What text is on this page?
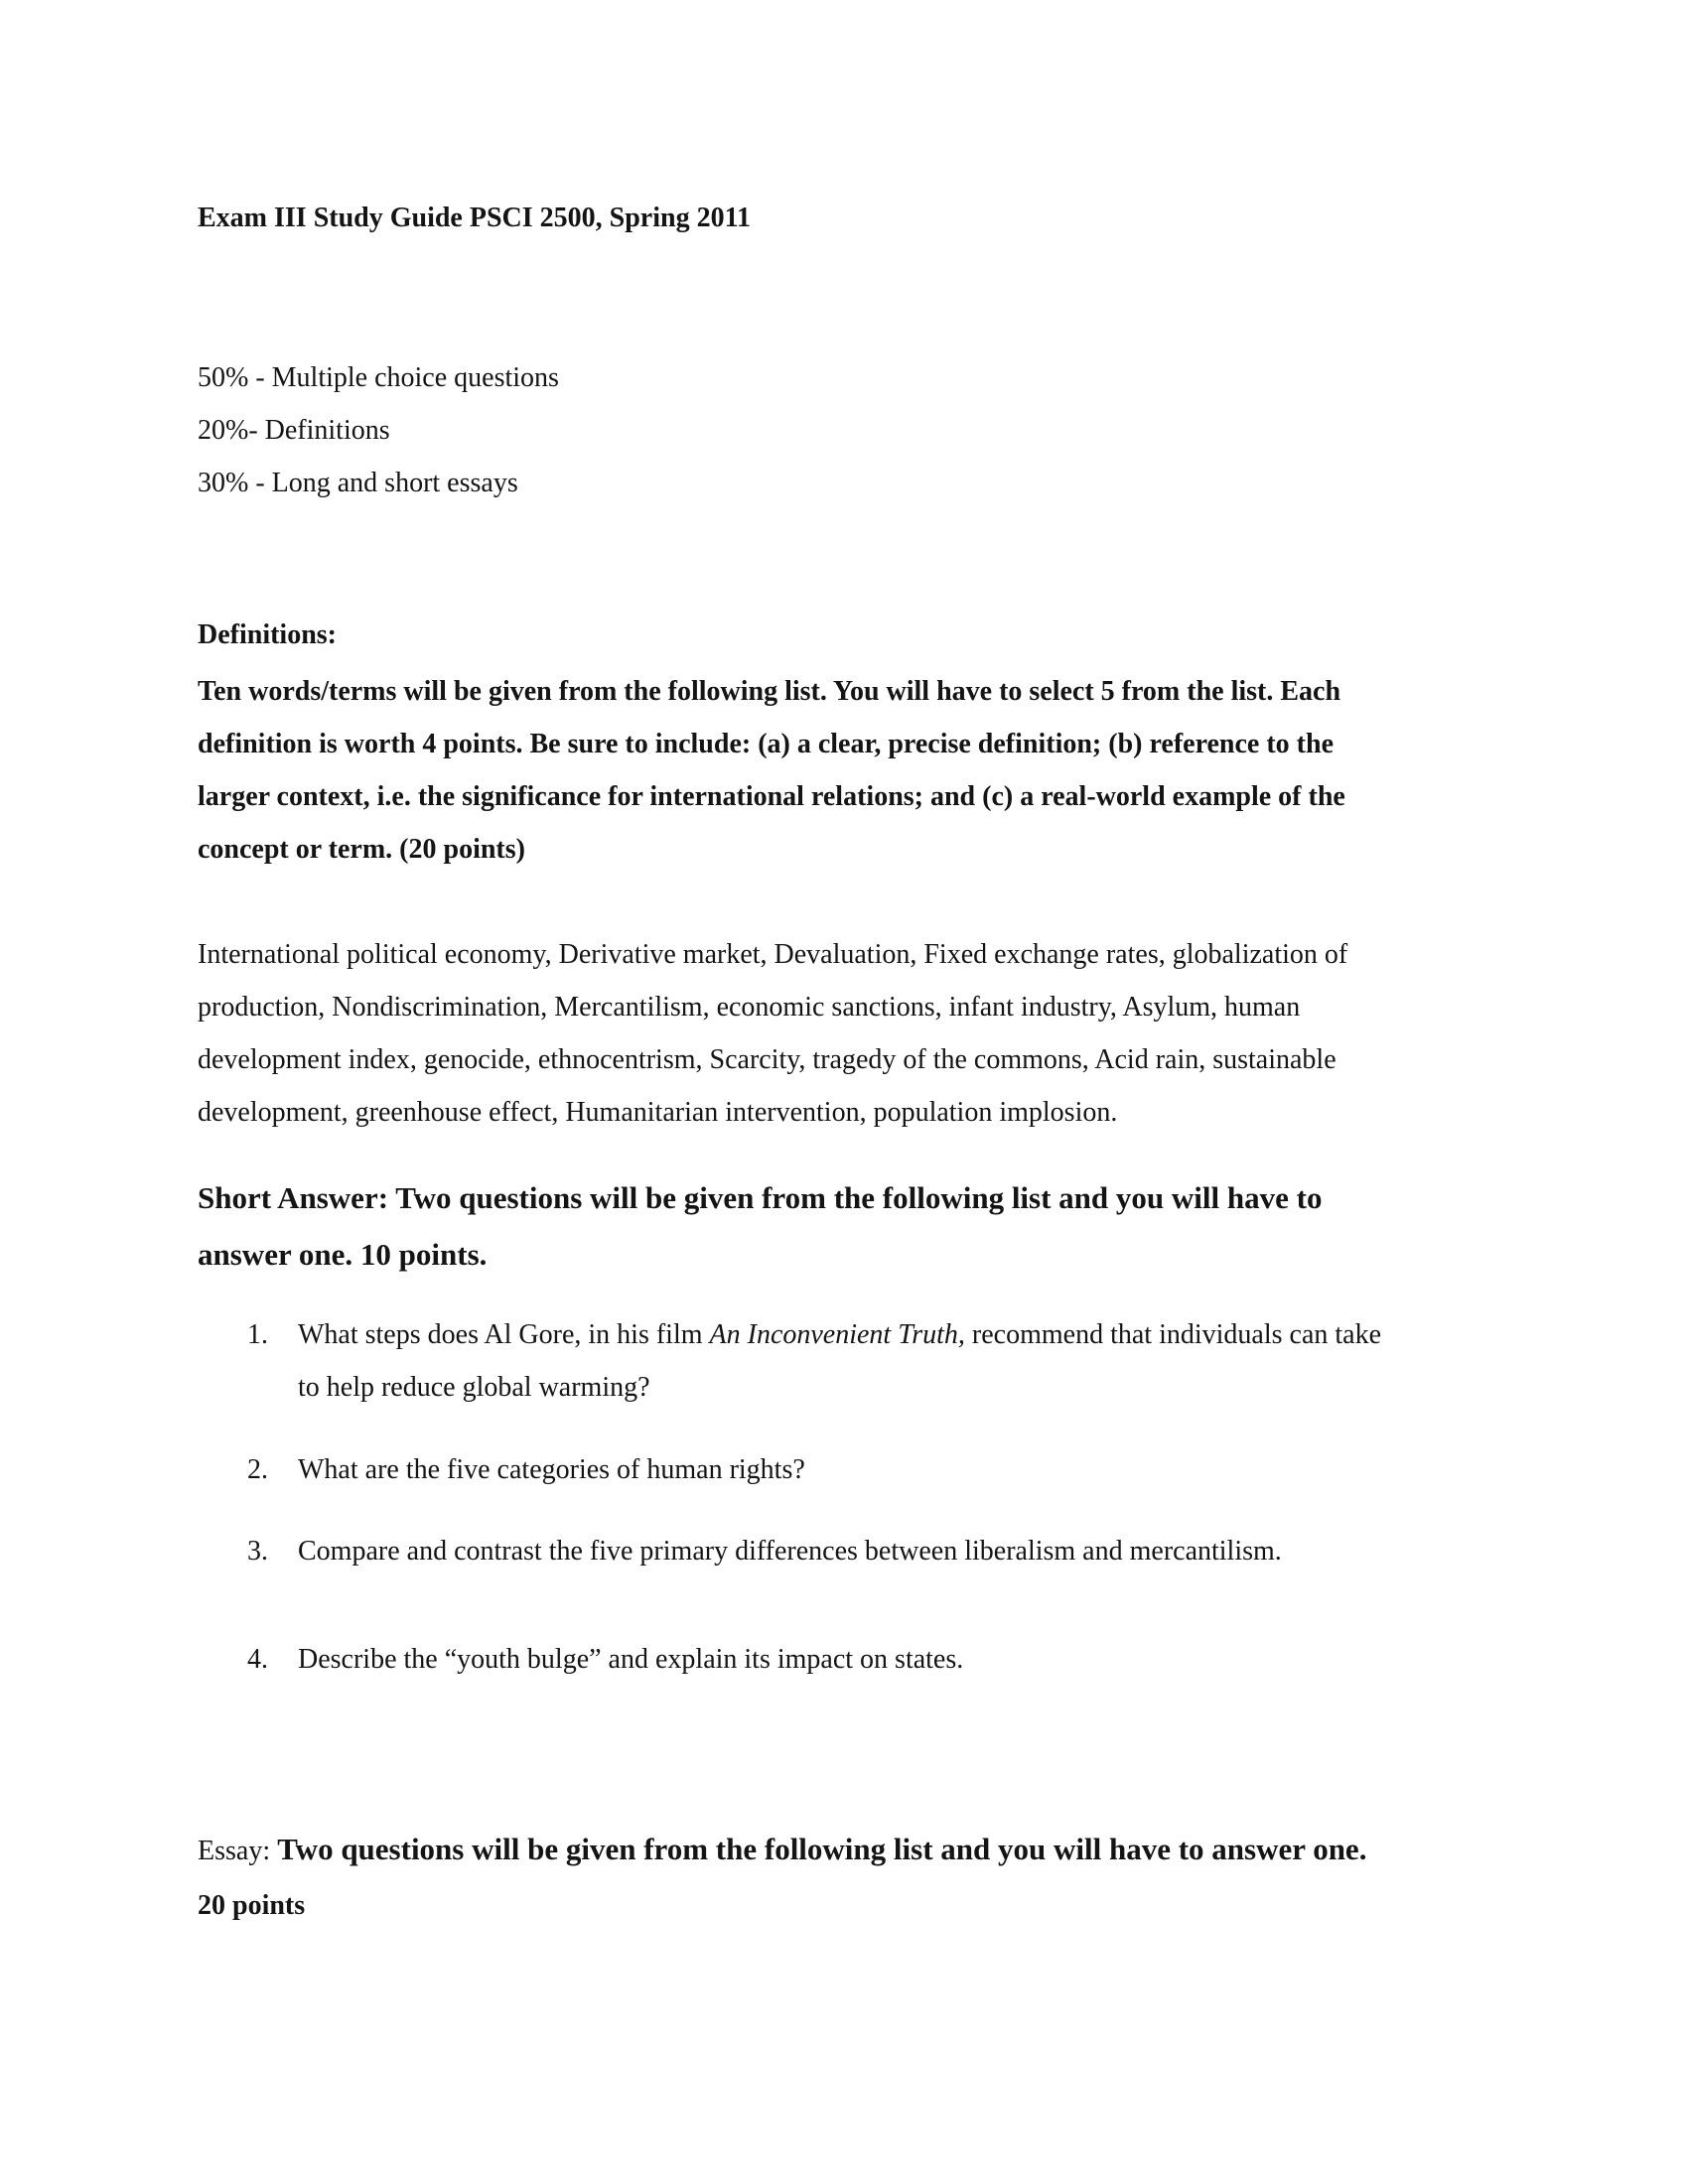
Exam III Study Guide PSCI 2500, Spring 2011
50% - Multiple choice questions
20%- Definitions
30% - Long and short essays
Definitions:
Ten words/terms will be given from the following list. You will have to select 5 from the list. Each
definition is worth 4 points. Be sure to include: (a) a clear, precise definition; (b) reference to the
larger context, i.e. the significance for international relations; and (c) a real-world example of the
concept or term. (20 points)
International political economy, Derivative market, Devaluation, Fixed exchange rates, globalization of
production, Nondiscrimination, Mercantilism, economic sanctions, infant industry, Asylum, human
development index, genocide, ethnocentrism, Scarcity, tragedy of the commons, Acid rain, sustainable
development, greenhouse effect, Humanitarian intervention, population implosion.
Short Answer: Two questions will be given from the following list and you will have to
answer one. 10 points.
1.	What steps does Al Gore, in his film An Inconvenient Truth, recommend that individuals can take
to help reduce global warming?
2.	What are the five categories of human rights?
3.	Compare and contrast the five primary differences between liberalism and mercantilism.
4.	Describe the “youth bulge” and explain its impact on states.
Essay: Two questions will be given from the following list and you will have to answer one.
20 points
